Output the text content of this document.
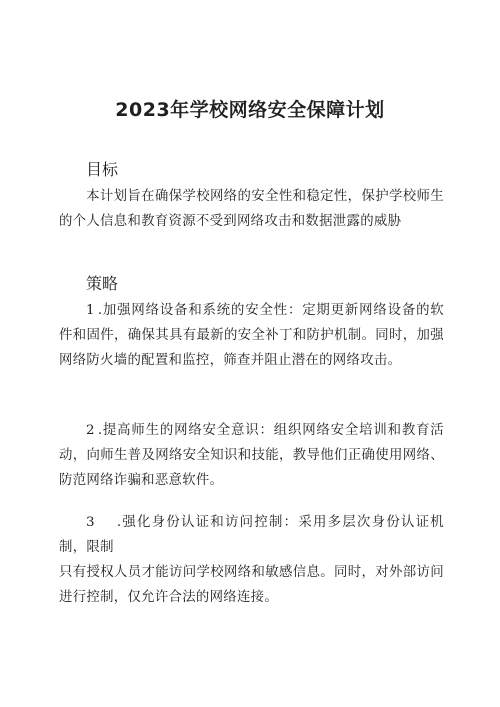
2023年学校网络安全保障计划
目标
本计划旨在确保学校网络的安全性和稳定性，保护学校师生的个人信息和教育资源不受到网络攻击和数据泄露的威胁
策略
1 .加强网络设备和系统的安全性：定期更新网络设备的软件和固件，确保其具有最新的安全补丁和防护机制。同时，加强网络防火墙的配置和监控，筛查并阻止潜在的网络攻击。
2 .提高师生的网络安全意识：组织网络安全培训和教育活动，向师生普及网络安全知识和技能，教导他们正确使用网络、防范网络诈骗和恶意软件。
3 .强化身份认证和访问控制：采用多层次身份认证机制，限制
只有授权人员才能访问学校网络和敏感信息。同时，对外部访问进行控制，仅允许合法的网络连接。
